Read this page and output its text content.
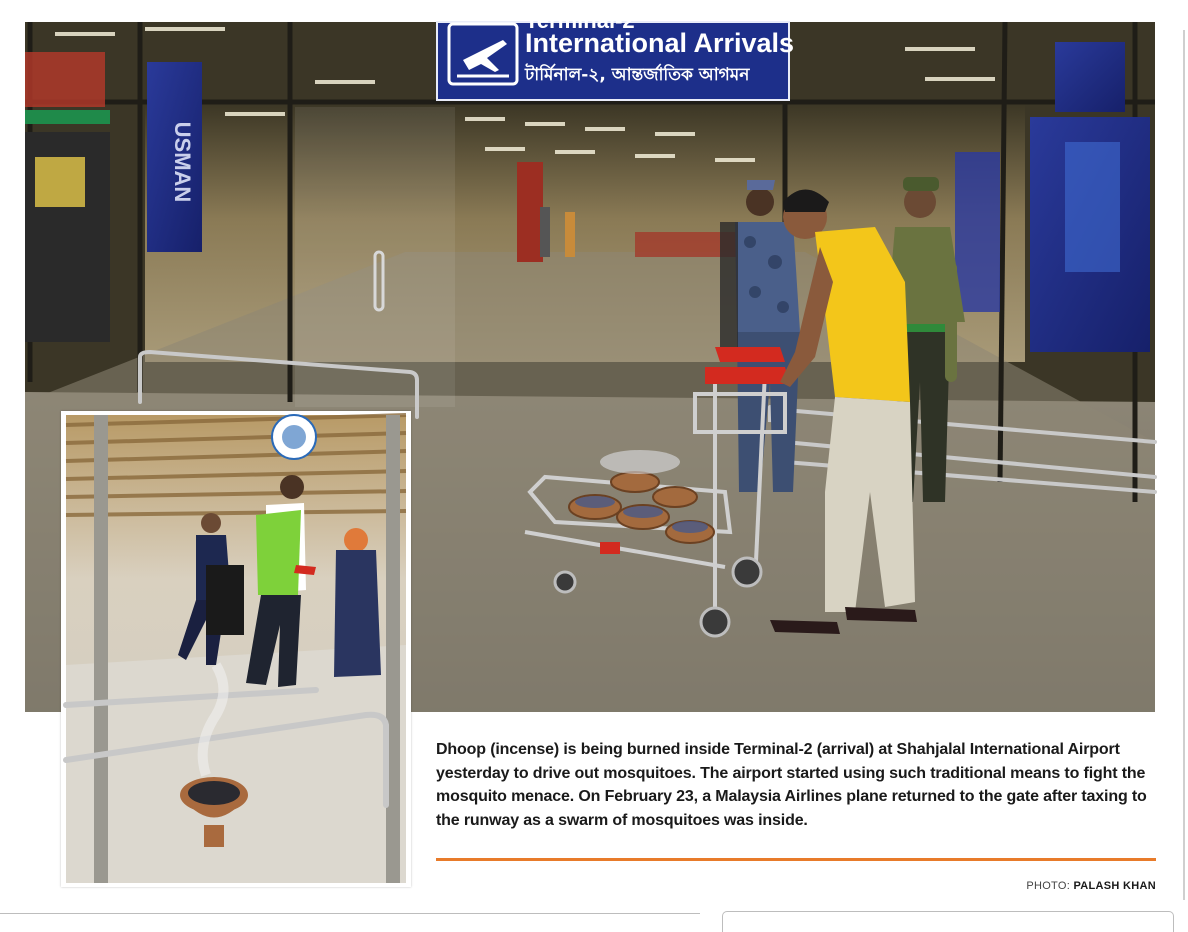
USMAN
Terminal-2
International Arrivals
টার্মিনাল-২, আন্তর্জাতিক আগমন
Dhoop (incense) is being burned inside Terminal-2 (arrival) at Shahjalal International Airport yesterday to drive out mosquitoes. The airport started using such traditional means to fight the mosquito menace. On February 23, a Malaysia Airlines plane returned to the gate after taxing to the runway as a swarm of mosquitoes was inside.
PHOTO: PALASH KHAN
